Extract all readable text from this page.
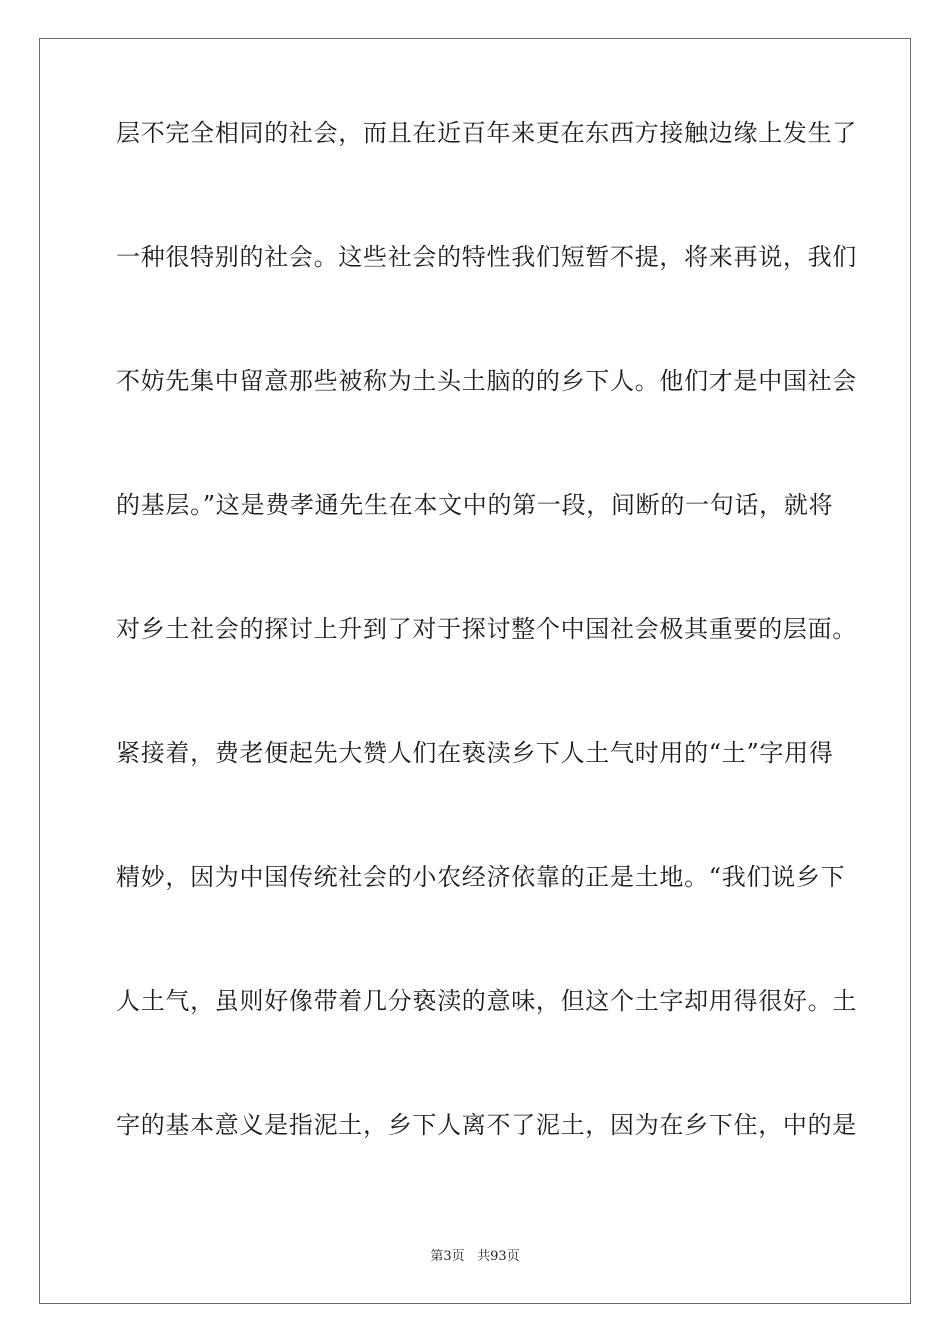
层不完全相同的社会，而且在近百年来更在东西方接触边缘上发生了
一种很特别的社会。这些社会的特性我们短暂不提，将来再说，我们
不妨先集中留意那些被称为土头土脑的的乡下人。他们才是中国社会
的基层。”这是费孝通先生在本文中的第一段，间断的一句话，就将
对乡土社会的探讨上升到了对于探讨整个中国社会极其重要的层面。
紧接着，费老便起先大赞人们在亵渎乡下人土气时用的“土”字用得
精妙，因为中国传统社会的小农经济依靠的正是土地。“我们说乡下
人土气，虽则好像带着几分亵渎的意味，但这个土字却用得很好。土
字的基本意义是指泥土，乡下人离不了泥土，因为在乡下住，中的是
第3页 共93页
